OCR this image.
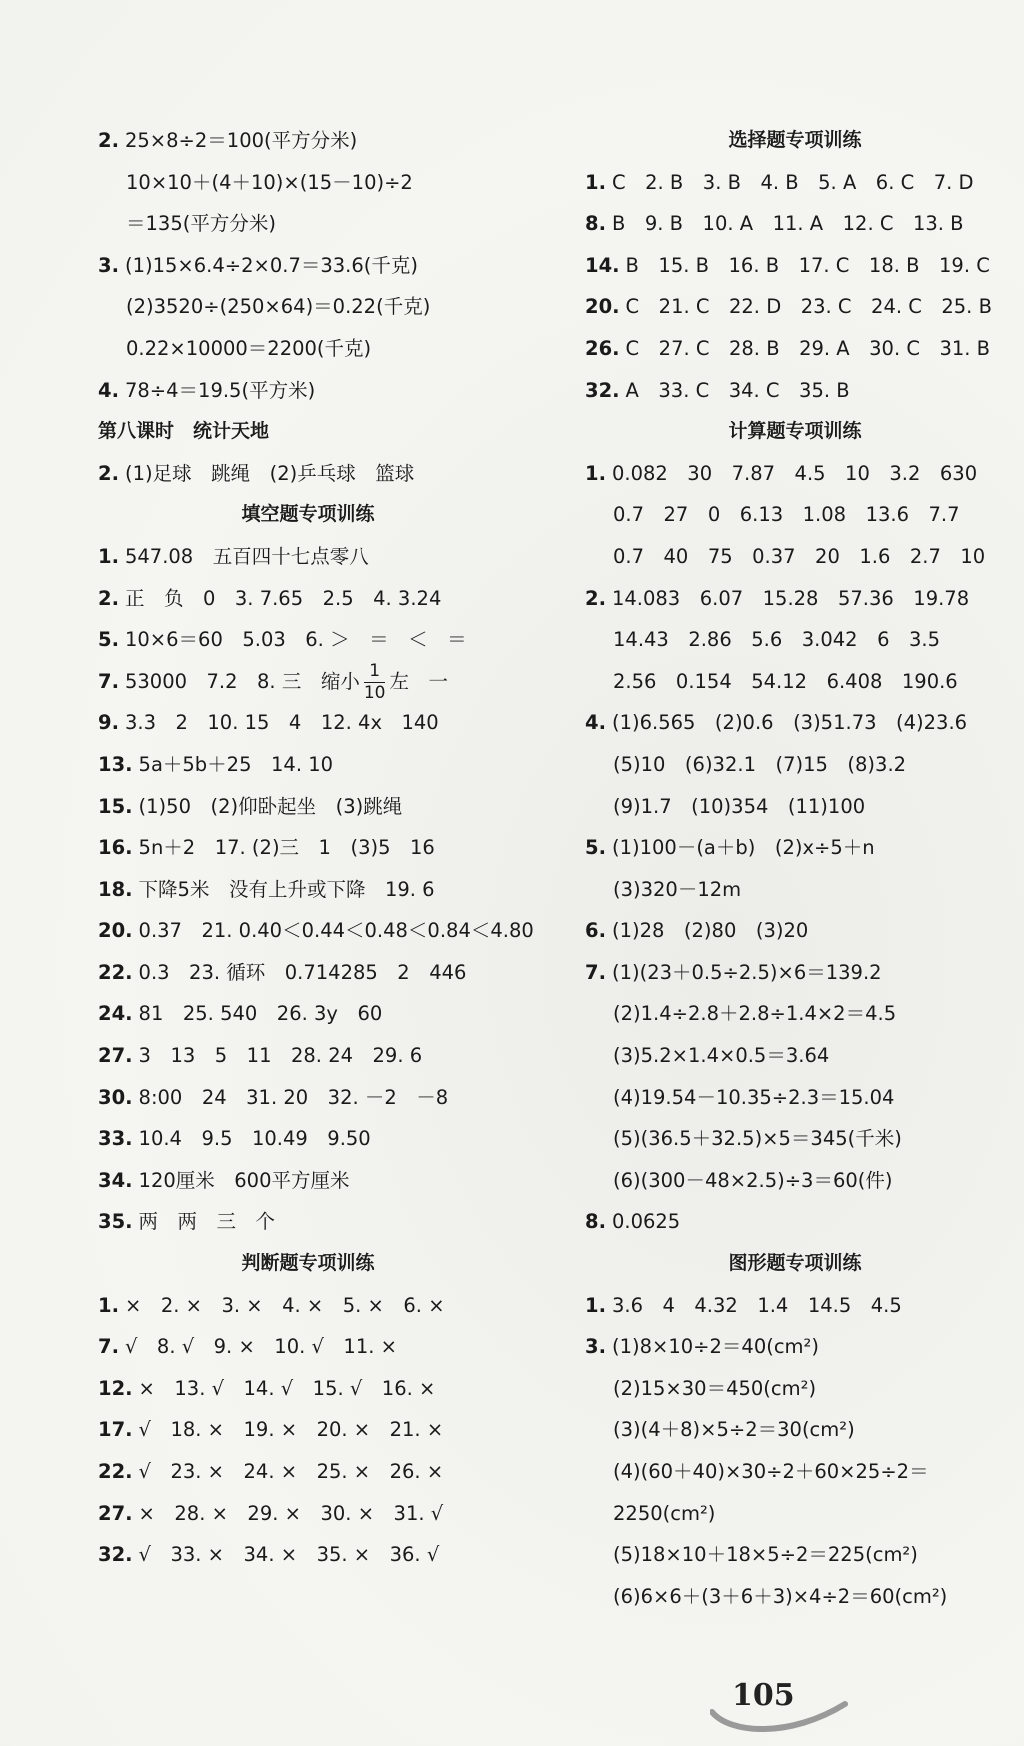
2. 25×8÷2＝100(平方分米)
10×10＋(4＋10)×(15－10)÷2
＝135(平方分米)
3. (1)15×6.4÷2×0.7＝33.6(千克)
(2)3520÷(250×64)＝0.22(千克)
0.22×10000＝2200(千克)
4. 78÷4＝19.5(平方米)
第八课时　统计天地
2. (1)足球　跳绳　(2)乒乓球　篮球
填空题专项训练
1. 547.08　五百四十七点零八
2. 正　负　0　3. 7.65　2.5　4. 3.24
5. 10×6＝60　5.03　6. ＞　＝　＜　＝
7. 53000　7.2　8. 三　缩小 $\frac{1}{10}$ 左　一
9. 3.3　2　10. 15　4　12. 4x　140
13. 5a＋5b＋25　14. 10
15. (1)50　(2)仰卧起坐　(3)跳绳
16. 5n＋2　17. (2)三　1　(3)5　16
18. 下降5米　没有上升或下降　19. 6
20. 0.37　21. 0.40＜0.44＜0.48＜0.84＜4.80
22. 0.3　23. 循环　0.714285　2　446
24. 81　25. 540　26. 3y　60
27. 3　13　5　11　28. 24　29. 6
30. 8:00　24　31. 20　32. －2　－8
33. 10.4　9.5　10.49　9.50
34. 120厘米　600平方厘米
35. 两　两　三　个
判断题专项训练
1. ×　2. ×　3. ×　4. ×　5. ×　6. ×
7. √　8. √　9. ×　10. √　11. ×
12. ×　13. √　14. √　15. √　16. ×
17. √　18. ×　19. ×　20. ×　21. ×
22. √　23. ×　24. ×　25. ×　26. ×
27. ×　28. ×　29. ×　30. ×　31. √
32. √　33. ×　34. ×　35. ×　36. √
选择题专项训练
1. C　2. B　3. B　4. B　5. A　6. C　7. D
8. B　9. B　10. A　11. A　12. C　13. B
14. B　15. B　16. B　17. C　18. B　19. C
20. C　21. C　22. D　23. C　24. C　25. B
26. C　27. C　28. B　29. A　30. C　31. B
32. A　33. C　34. C　35. B
计算题专项训练
1. 0.082　30　7.87　4.5　10　3.2　630
0.7　27　0　6.13　1.08　13.6　7.7
0.7　40　75　0.37　20　1.6　2.7　10
2. 14.083　6.07　15.28　57.36　19.78
14.43　2.86　5.6　3.042　6　3.5
2.56　0.154　54.12　6.408　190.6
4. (1)6.565　(2)0.6　(3)51.73　(4)23.6
(5)10　(6)32.1　(7)15　(8)3.2
(9)1.7　(10)354　(11)100
5. (1)100－(a＋b)　(2)x÷5＋n
(3)320－12m
6. (1)28　(2)80　(3)20
7. (1)(23＋0.5÷2.5)×6＝139.2
(2)1.4÷2.8＋2.8÷1.4×2＝4.5
(3)5.2×1.4×0.5＝3.64
(4)19.54－10.35÷2.3＝15.04
(5)(36.5＋32.5)×5＝345(千米)
(6)(300－48×2.5)÷3＝60(件)
8. 0.0625
图形题专项训练
1. 3.6　4　4.32　1.4　14.5　4.5
3. (1)8×10÷2＝40(cm²)
(2)15×30＝450(cm²)
(3)(4＋8)×5÷2＝30(cm²)
(4)(60＋40)×30÷2＋60×25÷2＝
2250(cm²)
(5)18×10＋18×5÷2＝225(cm²)
(6)6×6＋(3＋6＋3)×4÷2＝60(cm²)
105
